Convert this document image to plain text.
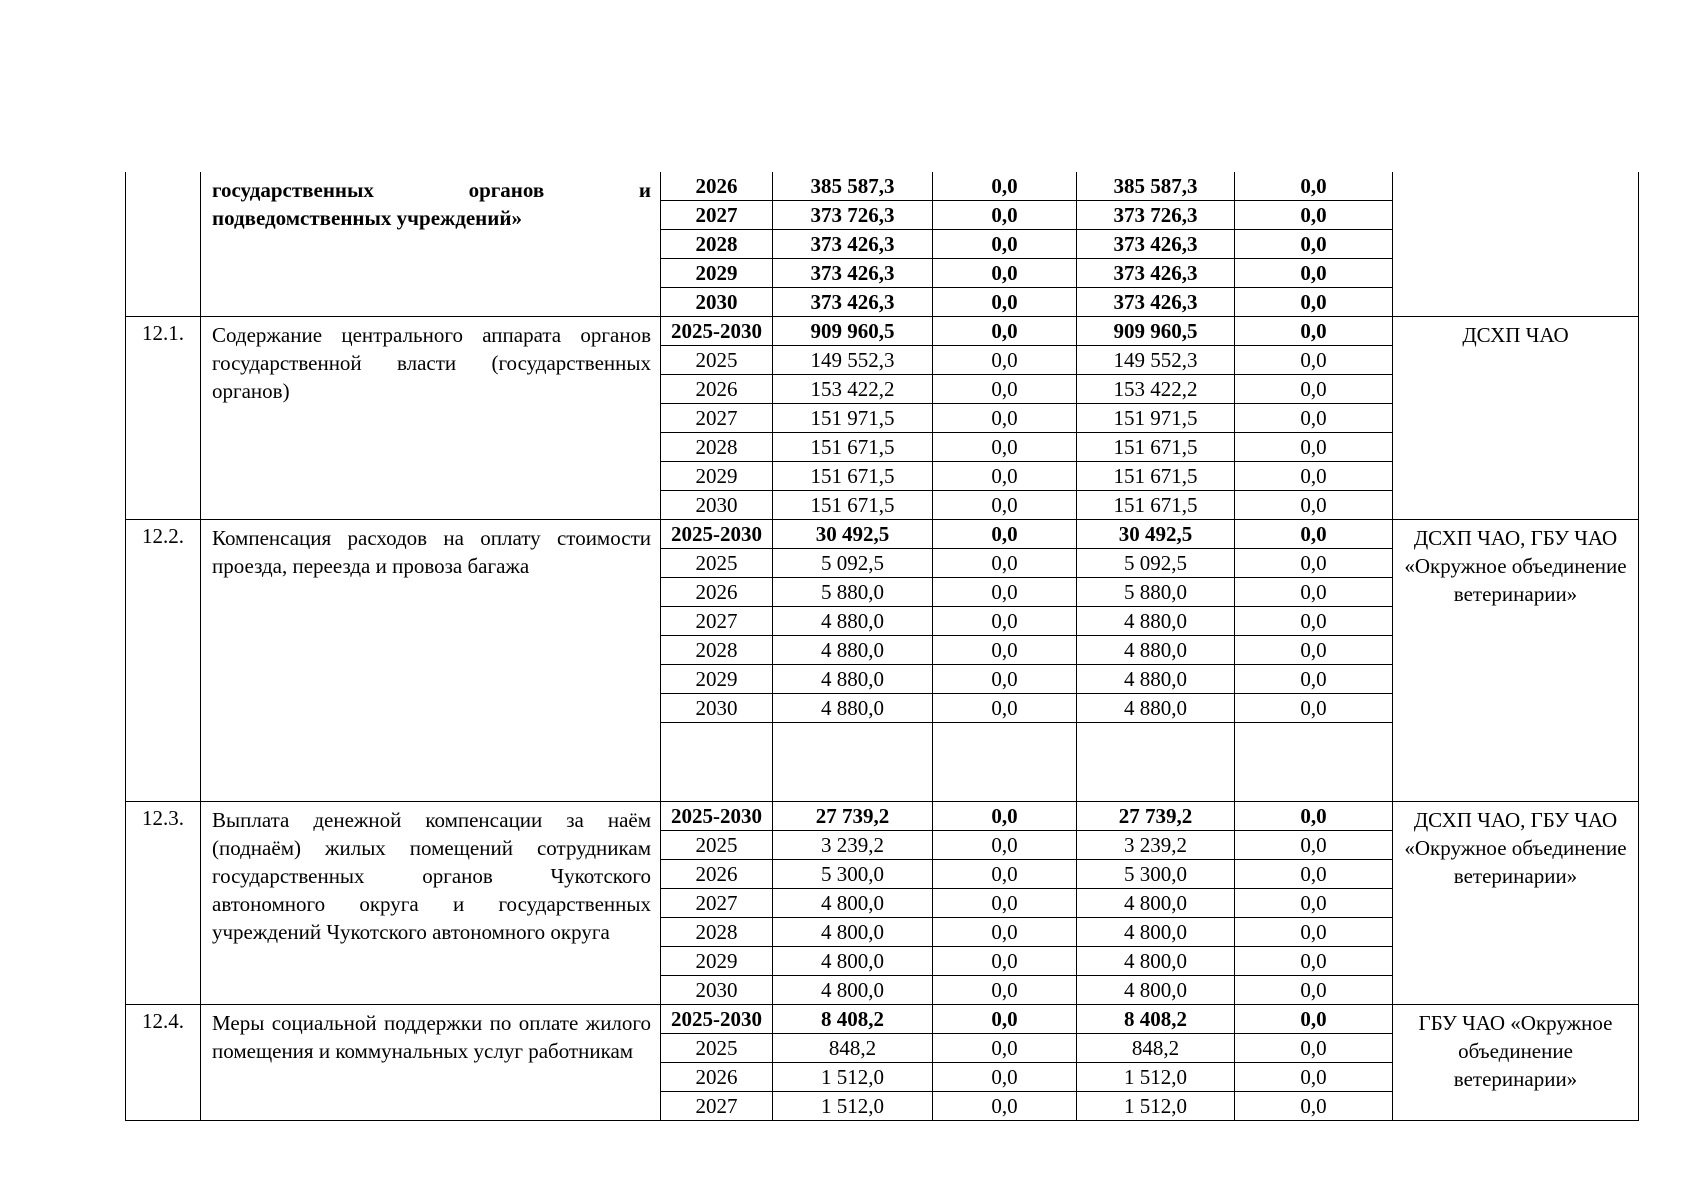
	государственных органов и подведомственных учреждений»	2026	385 587,3	0,0	385 587,3	0,0	
		2027	373 726,3	0,0	373 726,3	0,0	
		2028	373 426,3	0,0	373 426,3	0,0	
		2029	373 426,3	0,0	373 426,3	0,0	
		2030	373 426,3	0,0	373 426,3	0,0	
12.1.	Содержание центрального аппарата органов государственной власти (государственных органов)	2025-2030	909 960,5	0,0	909 960,5	0,0	ДСХП ЧАО
		2025	149 552,3	0,0	149 552,3	0,0	
		2026	153 422,2	0,0	153 422,2	0,0	
		2027	151 971,5	0,0	151 971,5	0,0	
		2028	151 671,5	0,0	151 671,5	0,0	
		2029	151 671,5	0,0	151 671,5	0,0	
		2030	151 671,5	0,0	151 671,5	0,0	
12.2.	Компенсация расходов на оплату стоимости проезда, переезда и провоза багажа	2025-2030	30 492,5	0,0	30 492,5	0,0	ДСХП ЧАО, ГБУ ЧАО «Окружное объединение ветеринарии»
		2025	5 092,5	0,0	5 092,5	0,0	
		2026	5 880,0	0,0	5 880,0	0,0	
		2027	4 880,0	0,0	4 880,0	0,0	
		2028	4 880,0	0,0	4 880,0	0,0	
		2029	4 880,0	0,0	4 880,0	0,0	
		2030	4 880,0	0,0	4 880,0	0,0	

12.3.	Выплата денежной компенсации за наём (поднаём) жилых помещений сотрудникам государственных органов Чукотского автономного округа и государственных учреждений Чукотского автономного округа	2025-2030	27 739,2	0,0	27 739,2	0,0	ДСХП ЧАО, ГБУ ЧАО «Окружное объединение ветеринарии»
		2025	3 239,2	0,0	3 239,2	0,0	
		2026	5 300,0	0,0	5 300,0	0,0	
		2027	4 800,0	0,0	4 800,0	0,0	
		2028	4 800,0	0,0	4 800,0	0,0	
		2029	4 800,0	0,0	4 800,0	0,0	
		2030	4 800,0	0,0	4 800,0	0,0	
12.4.	Меры социальной поддержки по оплате жилого помещения и коммунальных услуг работникам	2025-2030	8 408,2	0,0	8 408,2	0,0	ГБУ ЧАО «Окружное объединение ветеринарии»
		2025	848,2	0,0	848,2	0,0	
		2026	1 512,0	0,0	1 512,0	0,0	
		2027	1 512,0	0,0	1 512,0	0,0	
